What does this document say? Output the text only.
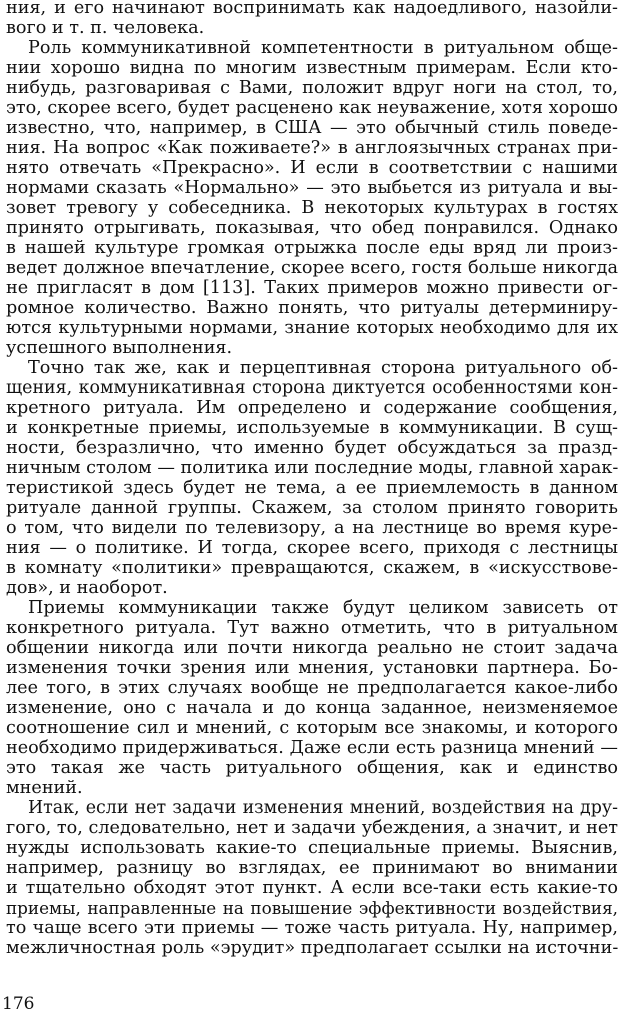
ния, и его начинают воспринимать как надоедливого, назойли-
вого и т. п. человека.
Роль коммуникативной компетентности в ритуальном обще-
нии хорошо видна по многим известным примерам. Если кто-
нибудь, разговаривая с Вами, положит вдруг ноги на стол, то,
это, скорее всего, будет расценено как неуважение, хотя хорошо
известно, что, например, в США — это обычный стиль поведе-
ния. На вопрос «Как поживаете?» в англоязычных странах при-
нято отвечать «Прекрасно». И если в соответствии с нашими
нормами сказать «Нормально» — это выбьется из ритуала и вы-
зовет тревогу у собеседника. В некоторых культурах в гостях
принято отрыгивать, показывая, что обед понравился. Однако
в нашей культуре громкая отрыжка после еды вряд ли произ-
ведет должное впечатление, скорее всего, гостя больше никогда
не пригласят в дом [113]. Таких примеров можно привести ог-
ромное количество. Важно понять, что ритуалы детерминиру-
ются культурными нормами, знание которых необходимо для их
успешного выполнения.
Точно так же, как и перцептивная сторона ритуального об-
щения, коммуникативная сторона диктуется особенностями кон-
кретного ритуала. Им определено и содержание сообщения,
и конкретные приемы, используемые в коммуникации. В сущ-
ности, безразлично, что именно будет обсуждаться за празд-
ничным столом — политика или последние моды, главной харак-
теристикой здесь будет не тема, а ее приемлемость в данном
ритуале данной группы. Скажем, за столом принято говорить
о том, что видели по телевизору, а на лестнице во время куре-
ния — о политике. И тогда, скорее всего, приходя с лестницы
в комнату «политики» превращаются, скажем, в «искусствове-
дов», и наоборот.
Приемы коммуникации также будут целиком зависеть от
конкретного ритуала. Тут важно отметить, что в ритуальном
общении никогда или почти никогда реально не стоит задача
изменения точки зрения или мнения, установки партнера. Бо-
лее того, в этих случаях вообще не предполагается какое-либо
изменение, оно с начала и до конца заданное, неизменяемое
соотношение сил и мнений, с которым все знакомы, и которого
необходимо придерживаться. Даже если есть разница мнений —
это такая же часть ритуального общения, как и единство
мнений.
Итак, если нет задачи изменения мнений, воздействия на дру-
гого, то, следовательно, нет и задачи убеждения, а значит, и нет
нужды использовать какие-то специальные приемы. Выяснив,
например, разницу во взглядах, ее принимают во внимании
и тщательно обходят этот пункт. А если все-таки есть какие-то
приемы, направленные на повышение эффективности воздействия,
то чаще всего эти приемы — тоже часть ритуала. Ну, например,
межличностная роль «эрудит» предполагает ссылки на источни-
176
